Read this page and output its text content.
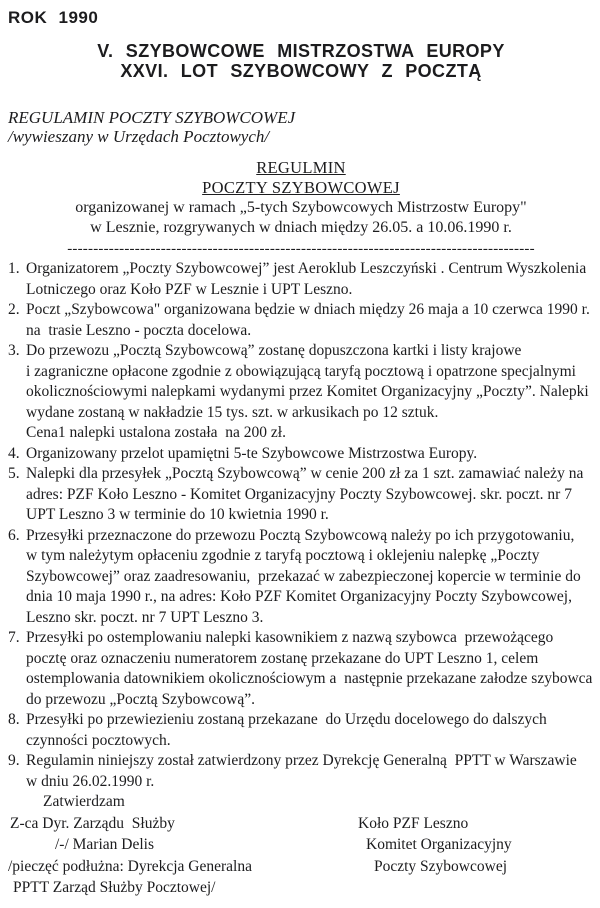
ROK 1990
V. SZYBOWCOWE MISTRZOSTWA EUROPY
XXVI. LOT SZYBOWCOWY Z POCZTĄ
REGULAMIN POCZTY SZYBOWCOWEJ
/wywieszany w Urzędach Pocztowych/
REGULMIN
POCZTY SZYBOWCOWEJ
organizowanej w ramach „5-tych Szybowcowych Mistrzostw Europy"
w Lesznie, rozgrywanych w dniach między 26.05. a 10.06.1990 r.
------------------------------------------------------------------------------------------
1. Organizatorem „Poczty Szybowcowej” jest Aeroklub Leszczyński . Centrum Wyszkolenia
Lotniczego oraz Koło PZF w Lesznie i UPT Leszno.
2. Poczt „Szybowcowa" organizowana będzie w dniach między 26 maja a 10 czerwca 1990 r.
na  trasie Leszno - poczta docelowa.
3. Do przewozu „Pocztą Szybowcową” zostanę dopuszczona kartki i listy krajowe
i zagraniczne opłacone zgodnie z obowiązującą taryfą pocztową i opatrzone specjalnymi
okolicznościowymi nalepkami wydanymi przez Komitet Organizacyjny „Poczty”. Nalepki
wydane zostaną w nakładzie 15 tys. szt. w arkusikach po 12 sztuk.
Cena1 nalepki ustalona została  na 200 zł.
4. Organizowany przelot upamiętni 5-te Szybowcowe Mistrzostwa Europy.
5. Nalepki dla przesyłek „Pocztą Szybowcową” w cenie 200 zł za 1 szt. zamawiać należy na
adres: PZF Koło Leszno - Komitet Organizacyjny Poczty Szybowcowej. skr. poczt. nr 7
UPT Leszno 3 w terminie do 10 kwietnia 1990 r.
6. Przesyłki przeznaczone do przewozu Pocztą Szybowcową należy po ich przygotowaniu,
w tym należytym opłaceniu zgodnie z taryfą pocztową i oklejeniu nalepkę „Poczty
Szybowcowej” oraz zaadresowaniu,  przekazać w zabezpieczonej kopercie w terminie do
dnia 10 maja 1990 r., na adres: Koło PZF Komitet Organizacyjny Poczty Szybowcowej,
Leszno skr. poczt. nr 7 UPT Leszno 3.
7. Przesyłki po ostemplowaniu nalepki kasownikiem z nazwą szybowca  przewożącego
pocztę oraz oznaczeniu numeratorem zostanę przekazane do UPT Leszno 1, celem
ostemplowania datownikiem okolicznościowym a  następnie przekazane załodze szybowca
do przewozu „Pocztą Szybowcową”.
8. Przesyłki po przewiezieniu zostaną przekazane  do Urzędu docelowego do dalszych
czynności pocztowych.
9. Regulamin niniejszy został zatwierdzony przez Dyrekcję Generalną  PPTT w Warszawie
w dniu 26.02.1990 r.
Zatwierdzam
Z-ca Dyr. Zarządu  Służby
/-/ Marian Delis
/pieczęć podłużna: Dyrekcja Generalna
PPTT Zarząd Służby Pocztowej/
Koło PZF Leszno
Komitet Organizacyjny
Poczty Szybowcowej
